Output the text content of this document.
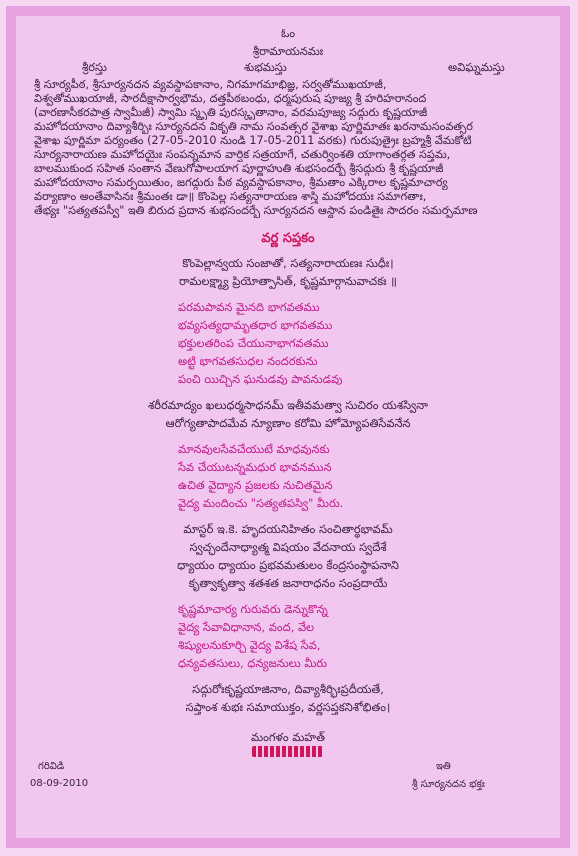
ఓం
శ్రీరామాయనమః
శ్రీరస్తు	శుభమస్తు	అవిఘ్నమస్తు
శ్రీ సూర్యపీఠ, శ్రీసూర్యనదన వ్యవస్థాపకానాం, నిగమాగమాభిజ్ఞ, సర్వతోముఖయాజీ,
విశ్వతోముఖయాజీ, సారదీక్షాసార్వభౌమ, దత్తపీఠబంధు, ధర్మపురుష పూజ్య శ్రీ హరిహరానంద
(వారణాసీకరపాత్ర స్వామీజీ) స్వామి స్మృతి పురస్కృతానాం, వరమపూజ్య సద్గురు కృష్ణయాజీ
మహోదయానాం దివ్యాశీర్భిః సూర్యనదన వికృతి నామ సంవత్సర వైశాఖ పూర్ణిమాతః ఖరనామసంవత్సర
వైశాఖ పూర్ణిమా పర్యంతం (27-05-2010 నుండి 17-05-2011 వరకు) గురుపుత్రైః బ్రహ్మశ్రీ వేమకోటి
సూర్యనారాయణ మహోదయైః సంపన్నమాన వార్షిక సత్రయాగే, చతుర్వింశతి యాగాంతర్గత సప్తమ,
బాలముకుంద సహిత సంతాన వేణుగోపాలయాగ పూర్ణాహుతి శుభసందర్భే శ్రీసద్గురు శ్రీ కృష్ణయాజీ
మహోదయానాం సమర్పయితుం, జగద్గురు పీఠ వ్యవస్థాపకానాం, శ్రీమతాం ఎక్కిరాల కృష్ణమాచార్య
వర్యాణాం అంతేవాసినః శ్రీమంతః డా॥ కొంపెల్ల సత్యనారాయణ శాస్త్రి మహోదయః సమాగతాః,
తేభ్యః "సత్యతపస్వీ" ఇతి బిరుద ప్రదాన శుభసందర్భే సూర్యనదన ఆస్థాన పండితైః సాదరం సమర్పమాణ
వర్ణ సప్తకం
కొంపెల్లాన్వయ సంజాతో, సత్యనారాయణః సుధీః।
రామలక్ష్మ్యా ప్రియోత్పాసిత్, కృష్ణమార్గానువాచకః ॥
పరమపావన మైనది భాగవతము
భవ్యసత్యధామృతధార భాగవతము
భక్తులతరింప చేయునాభాగవతము
అట్టి భాగవతసుధల నందరకును
పంచి యిచ్చిన ఘనుడవు పావనుడవు
శరీరమాద్యం ఖలుధర్మసాధనమ్ ఇతీవమత్వా సుచిరం యశస్వినా
ఆరోగ్యతాపాదమేవ న్యూణాం కరోమి హోమ్యోపతిసేవనేన
మానవులసేవచేయుటే మాధవునకు
సేవ చేయుటన్నమధుర భావనమున
ఉచిత వైద్యాన ప్రజలకు నుచితమైన
వైద్య మందించు "సత్యతపస్వి" మీరు.
మాస్టర్ ఇ.కె. హృదయనిహితం సంచితార్థభావమ్
స్వచ్ఛందేనాధ్యాత్మ విషయం వేదనాయ స్వదేశే
ధ్యాయం ధ్యాయం ప్రభవమతులం కేంద్రసంస్థాపనాని
కృత్వాకృత్వా శతశత జనారాధనం సంప్రదాయే
కృష్ణమాచార్య గురువరు డెన్నుకొన్న
వైద్య సేవావిధానాన, వంద, వేల
శిష్యులనుకూర్చి వైద్య విశేష సేవ,
ధన్యవతసులు, ధన్యజనులు మీరు
సద్గురోఃకృష్ణయాజినాం, దివ్యాశీర్భిఃప్రదీయతే,
సప్తాంశ శుభః సమాయుక్తం, వర్ణసప్తకనిశోభితం।
మంగళం మహత్
గరివిడి
08-09-2010
ఇతి
శ్రీ సూర్యనదన భక్తః
